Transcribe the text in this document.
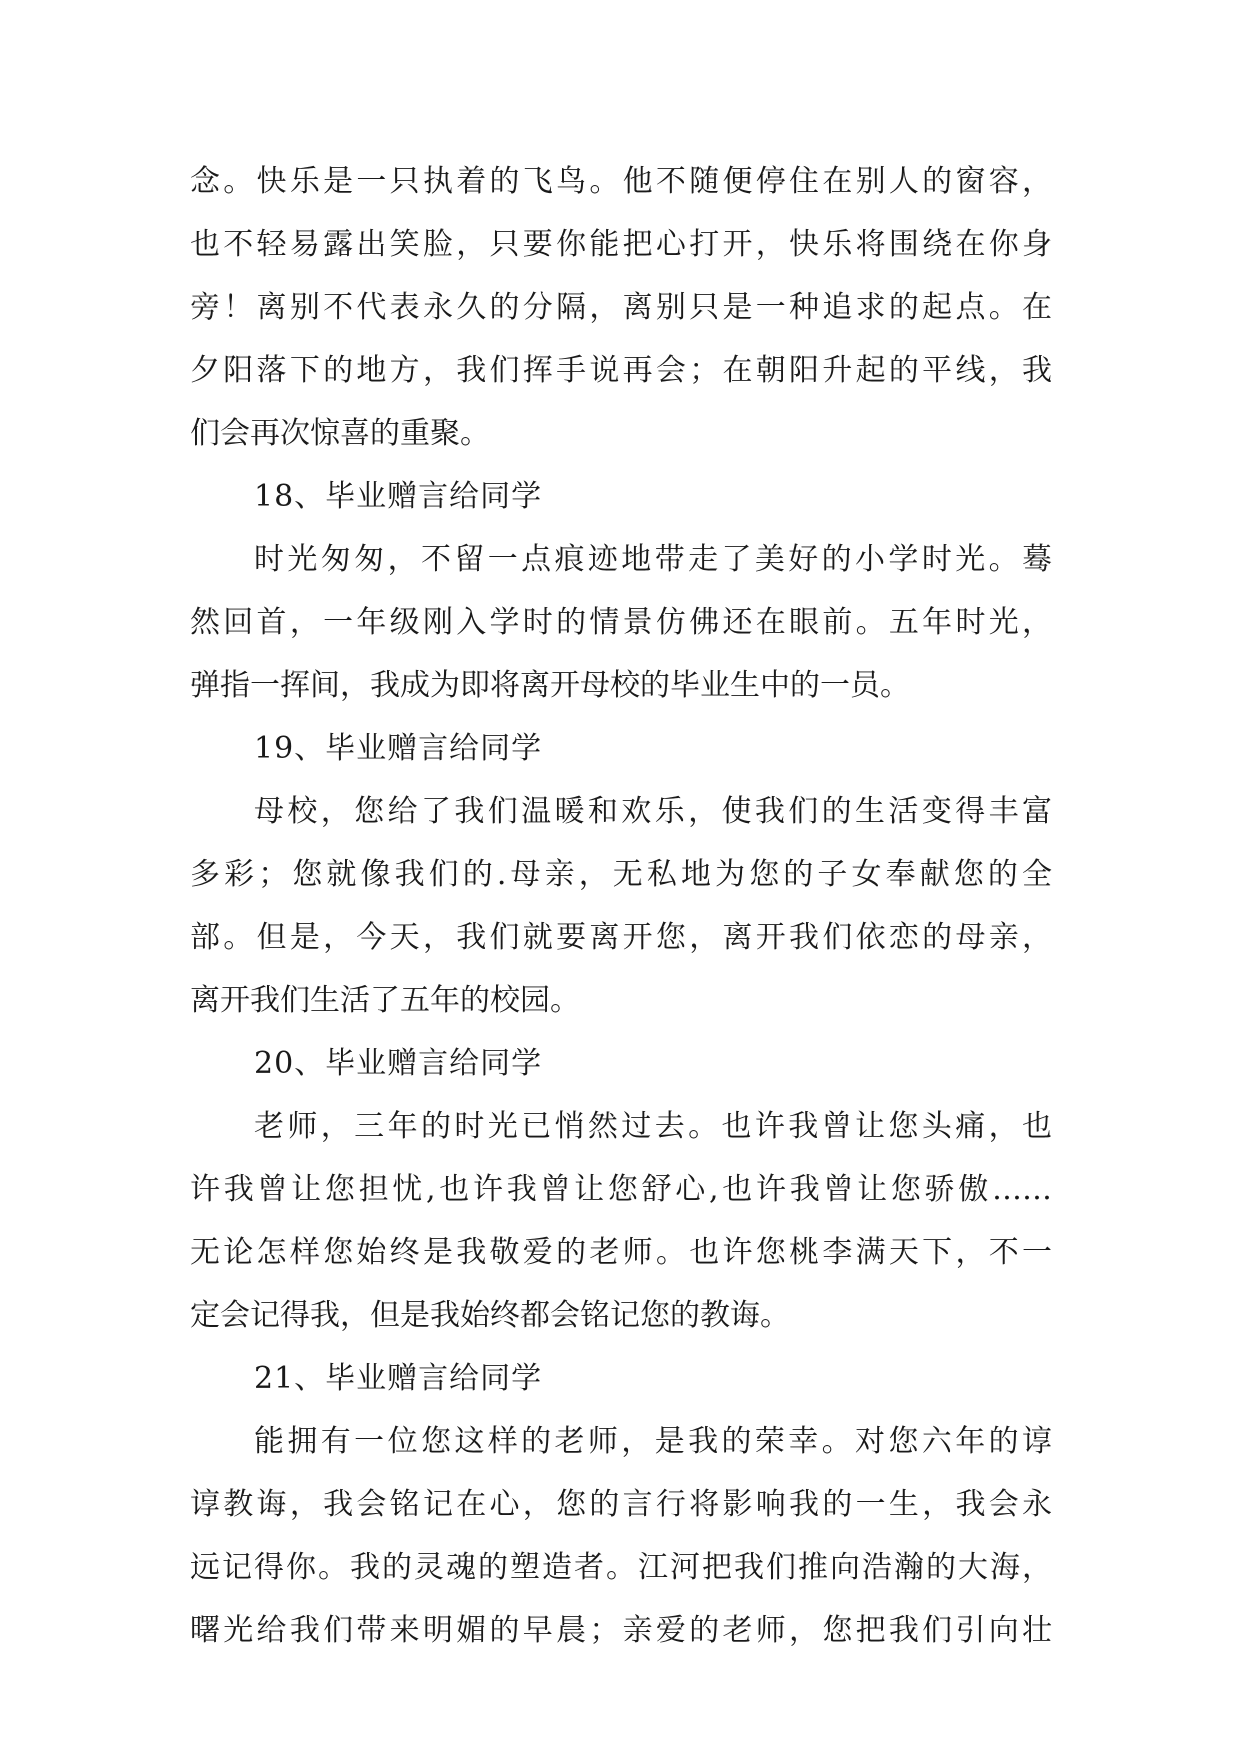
念。快乐是一只执着的飞鸟。他不随便停住在别人的窗容，
也不轻易露出笑脸，只要你能把心打开，快乐将围绕在你身
旁！离别不代表永久的分隔，离别只是一种追求的起点。在
夕阳落下的地方，我们挥手说再会；在朝阳升起的平线，我
们会再次惊喜的重聚。
18、毕业赠言给同学
时光匆匆，不留一点痕迹地带走了美好的小学时光。蓦
然回首，一年级刚入学时的情景仿佛还在眼前。五年时光，
弹指一挥间，我成为即将离开母校的毕业生中的一员。
19、毕业赠言给同学
母校，您给了我们温暖和欢乐，使我们的生活变得丰富
多彩；您就像我们的.母亲，无私地为您的子女奉献您的全
部。但是，今天，我们就要离开您，离开我们依恋的母亲，
离开我们生活了五年的校园。
20、毕业赠言给同学
老师，三年的时光已悄然过去。也许我曾让您头痛，也
许我曾让您担忧,也许我曾让您舒心,也许我曾让您骄傲……
无论怎样您始终是我敬爱的老师。也许您桃李满天下，不一
定会记得我，但是我始终都会铭记您的教诲。
21、毕业赠言给同学
能拥有一位您这样的老师，是我的荣幸。对您六年的谆
谆教诲，我会铭记在心，您的言行将影响我的一生，我会永
远记得你。我的灵魂的塑造者。江河把我们推向浩瀚的大海，
曙光给我们带来明媚的早晨；亲爱的老师，您把我们引向壮
